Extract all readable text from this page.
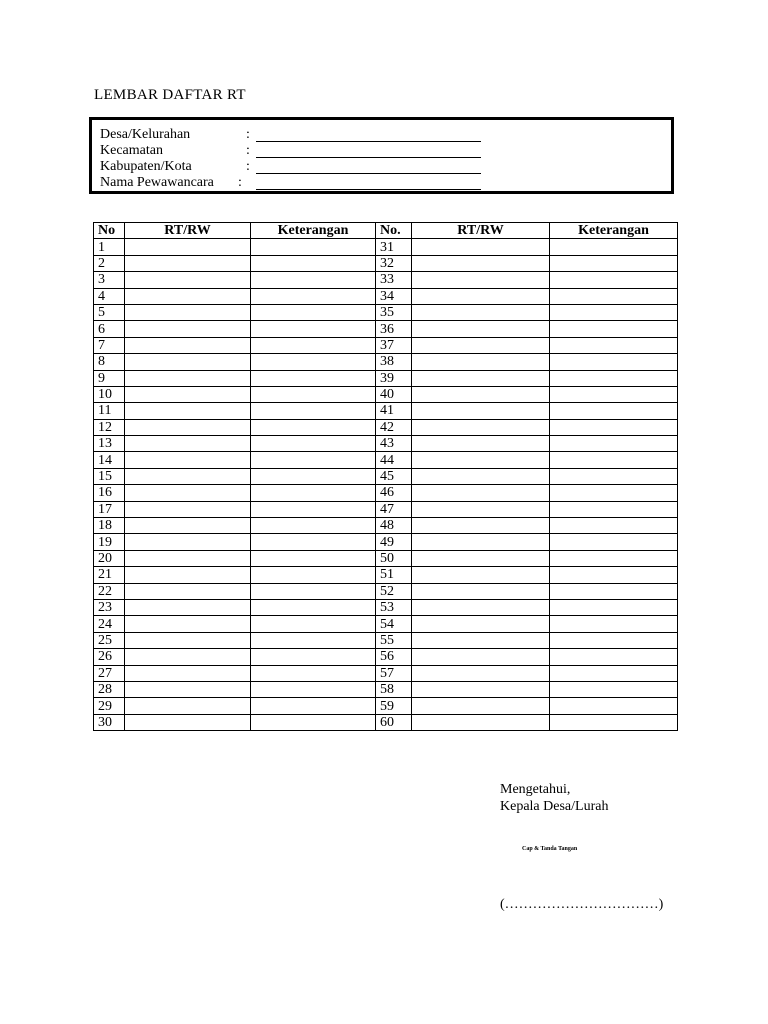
LEMBAR DAFTAR RT
Desa/Kelurahan	:
Kecamatan	:
Kabupaten/Kota	:
Nama Pewawancara :
No	RT/RW	Keterangan	No.	RT/RW	Keterangan
1			31		
2			32		
3			33		
4			34		
5			35		
6			36		
7			37		
8			38		
9			39		
10			40		
11			41		
12			42		
13			43		
14			44		
15			45		
16			46		
17			47		
18			48		
19			49		
20			50		
21			51		
22			52		
23			53		
24			54		
25			55		
26			56		
27			57		
28			58		
29			59		
30			60		
Mengetahui,
Kepala Desa/Lurah
Cap & Tanda Tangan
(……………………………)
